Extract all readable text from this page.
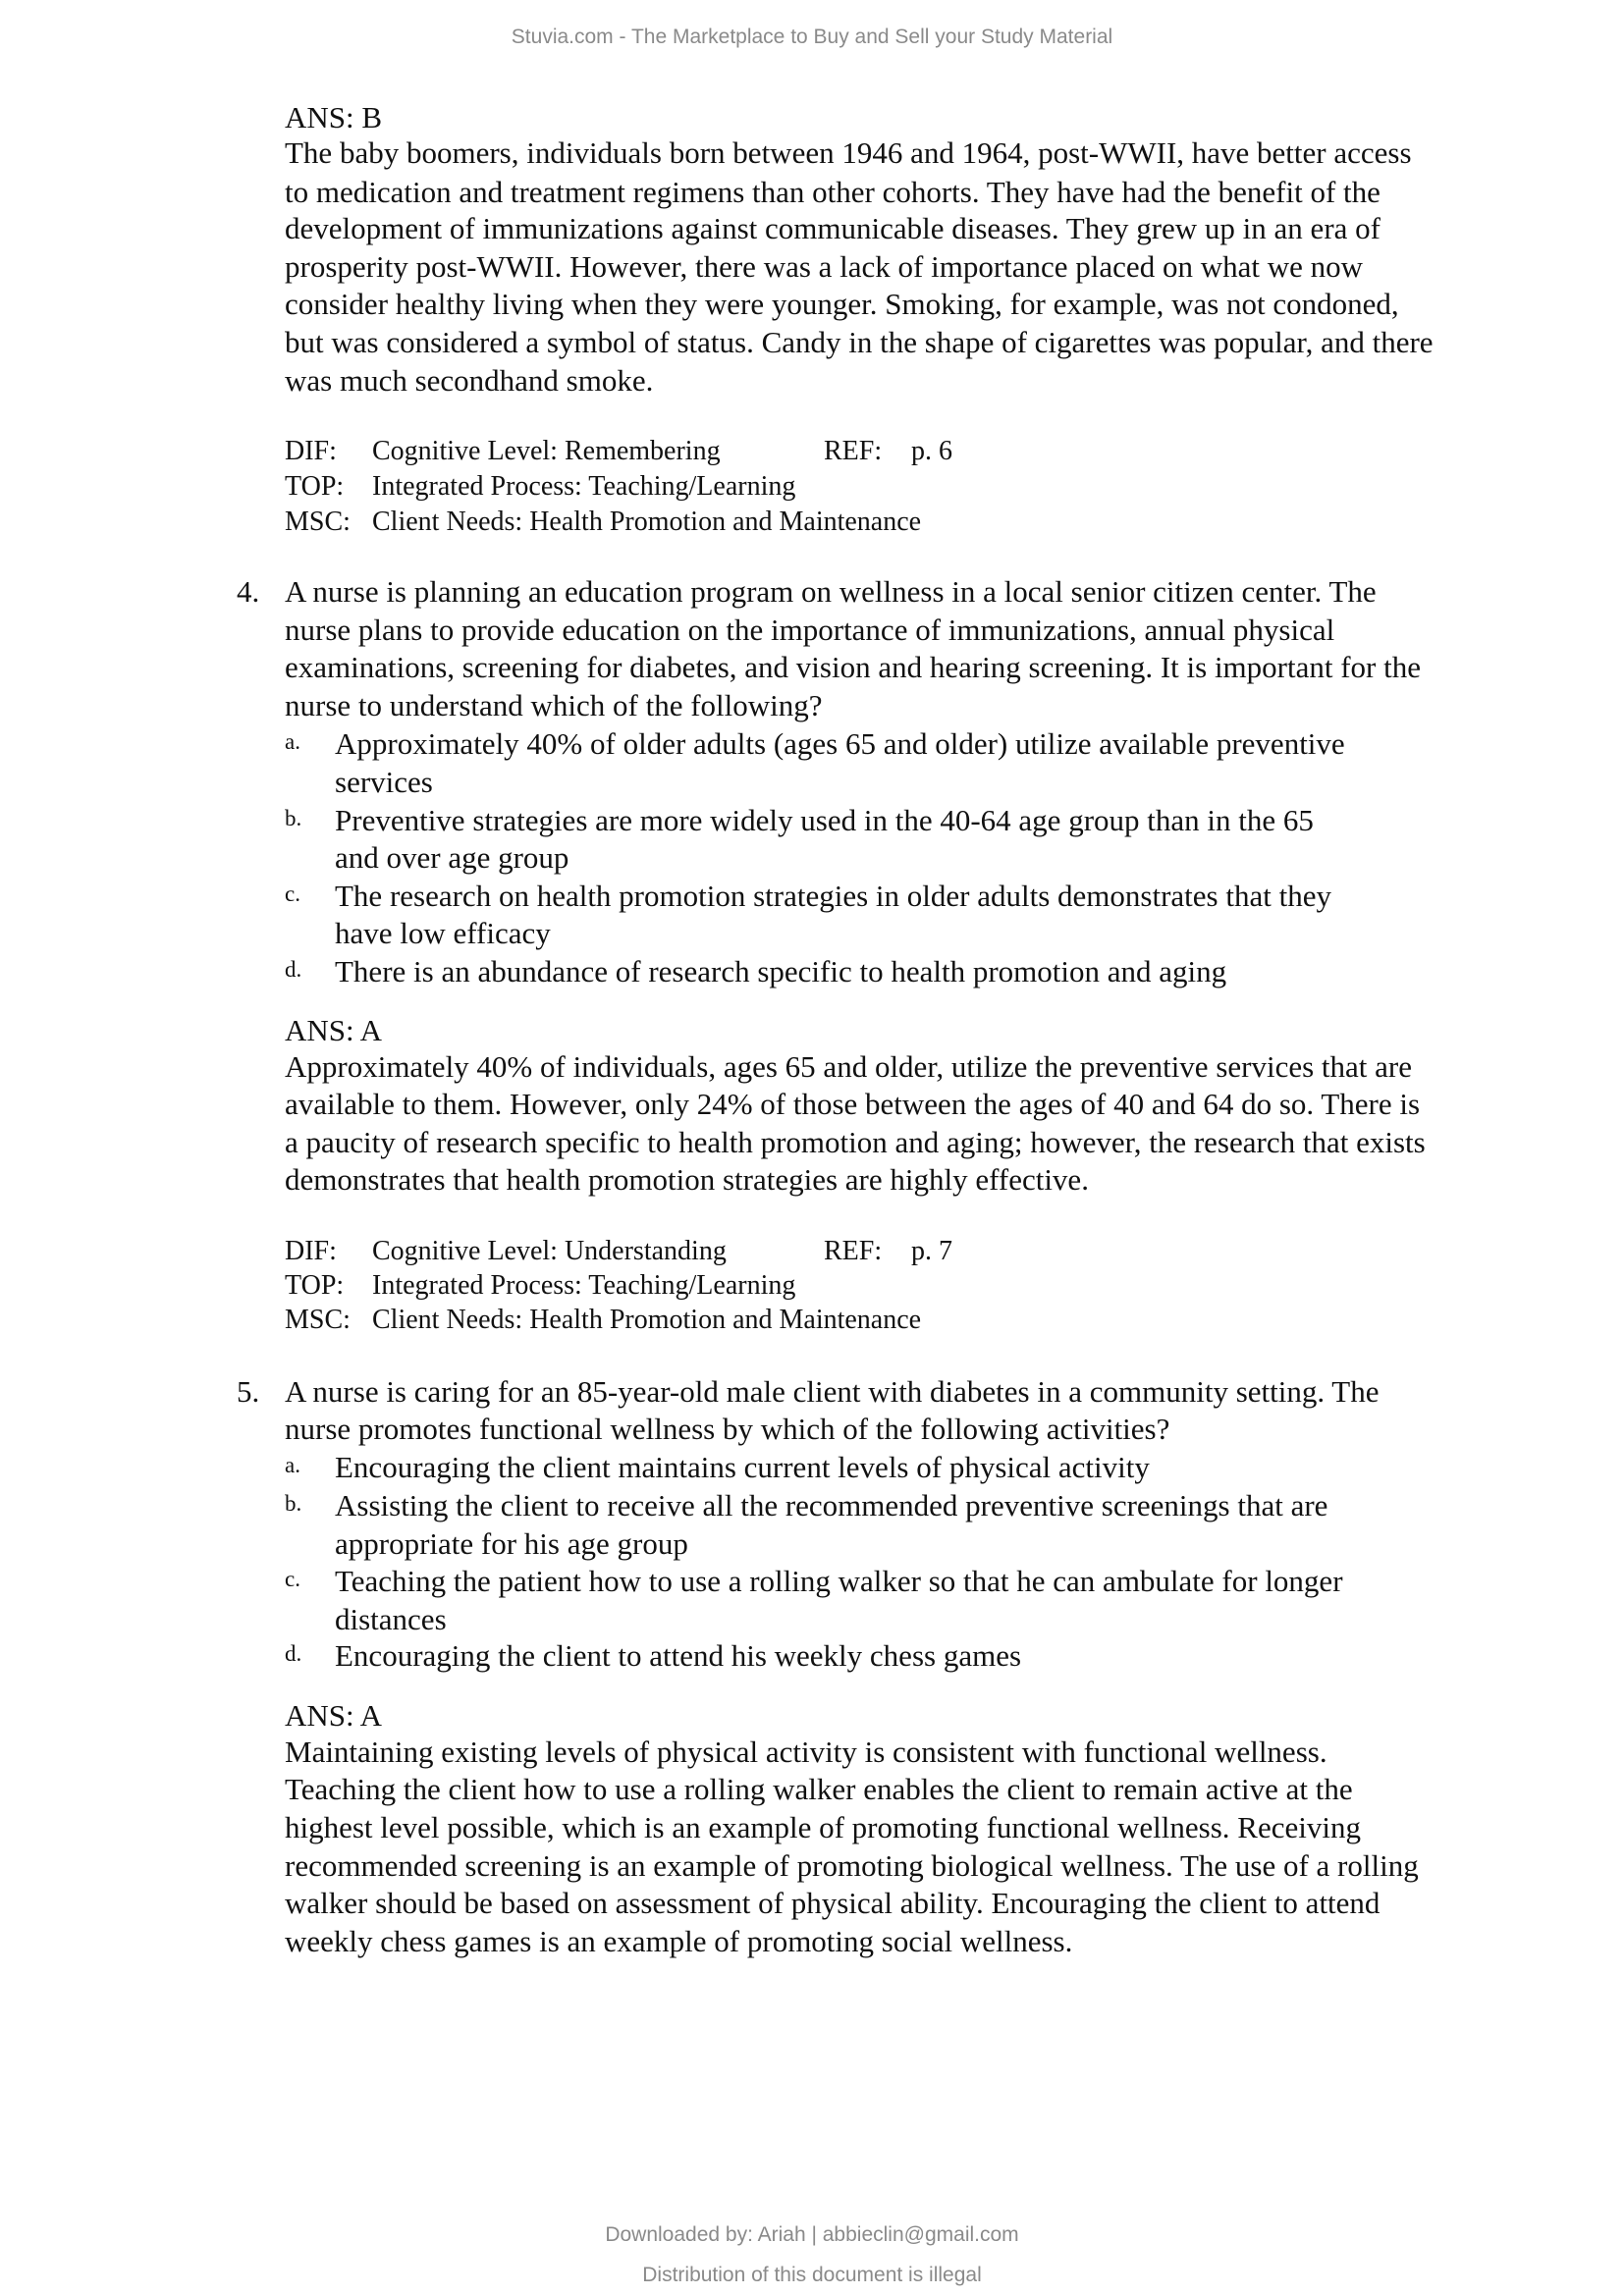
Stuvia.com - The Marketplace to Buy and Sell your Study Material
ANS: B
The baby boomers, individuals born between 1946 and 1964, post-WWII, have better access
to medication and treatment regimens than other cohorts. They have had the benefit of the
development of immunizations against communicable diseases. They grew up in an era of
prosperity post-WWII. However, there was a lack of importance placed on what we now
consider healthy living when they were younger. Smoking, for example, was not condoned,
but was considered a symbol of status. Candy in the shape of cigarettes was popular, and there
was much secondhand smoke.
DIF: Cognitive Level: Remembering	REF: p. 6
TOP: Integrated Process: Teaching/Learning
MSC: Client Needs: Health Promotion and Maintenance
4. A nurse is planning an education program on wellness in a local senior citizen center. The
nurse plans to provide education on the importance of immunizations, annual physical
examinations, screening for diabetes, and vision and hearing screening. It is important for the
nurse to understand which of the following?
a. Approximately 40% of older adults (ages 65 and older) utilize available preventive
services
b. Preventive strategies are more widely used in the 40-64 age group than in the 65
and over age group
c. The research on health promotion strategies in older adults demonstrates that they
have low efficacy
d. There is an abundance of research specific to health promotion and aging
ANS: A
Approximately 40% of individuals, ages 65 and older, utilize the preventive services that are
available to them. However, only 24% of those between the ages of 40 and 64 do so. There is
a paucity of research specific to health promotion and aging; however, the research that exists
demonstrates that health promotion strategies are highly effective.
DIF: Cognitive Level: Understanding	REF: p. 7
TOP: Integrated Process: Teaching/Learning
MSC: Client Needs: Health Promotion and Maintenance
5. A nurse is caring for an 85-year-old male client with diabetes in a community setting. The
nurse promotes functional wellness by which of the following activities?
a. Encouraging the client maintains current levels of physical activity
b. Assisting the client to receive all the recommended preventive screenings that are
appropriate for his age group
c. Teaching the patient how to use a rolling walker so that he can ambulate for longer
distances
d. Encouraging the client to attend his weekly chess games
ANS: A
Maintaining existing levels of physical activity is consistent with functional wellness.
Teaching the client how to use a rolling walker enables the client to remain active at the
highest level possible, which is an example of promoting functional wellness. Receiving
recommended screening is an example of promoting biological wellness. The use of a rolling
walker should be based on assessment of physical ability. Encouraging the client to attend
weekly chess games is an example of promoting social wellness.
Downloaded by: Ariah | abbieclin@gmail.com
Distribution of this document is illegal
